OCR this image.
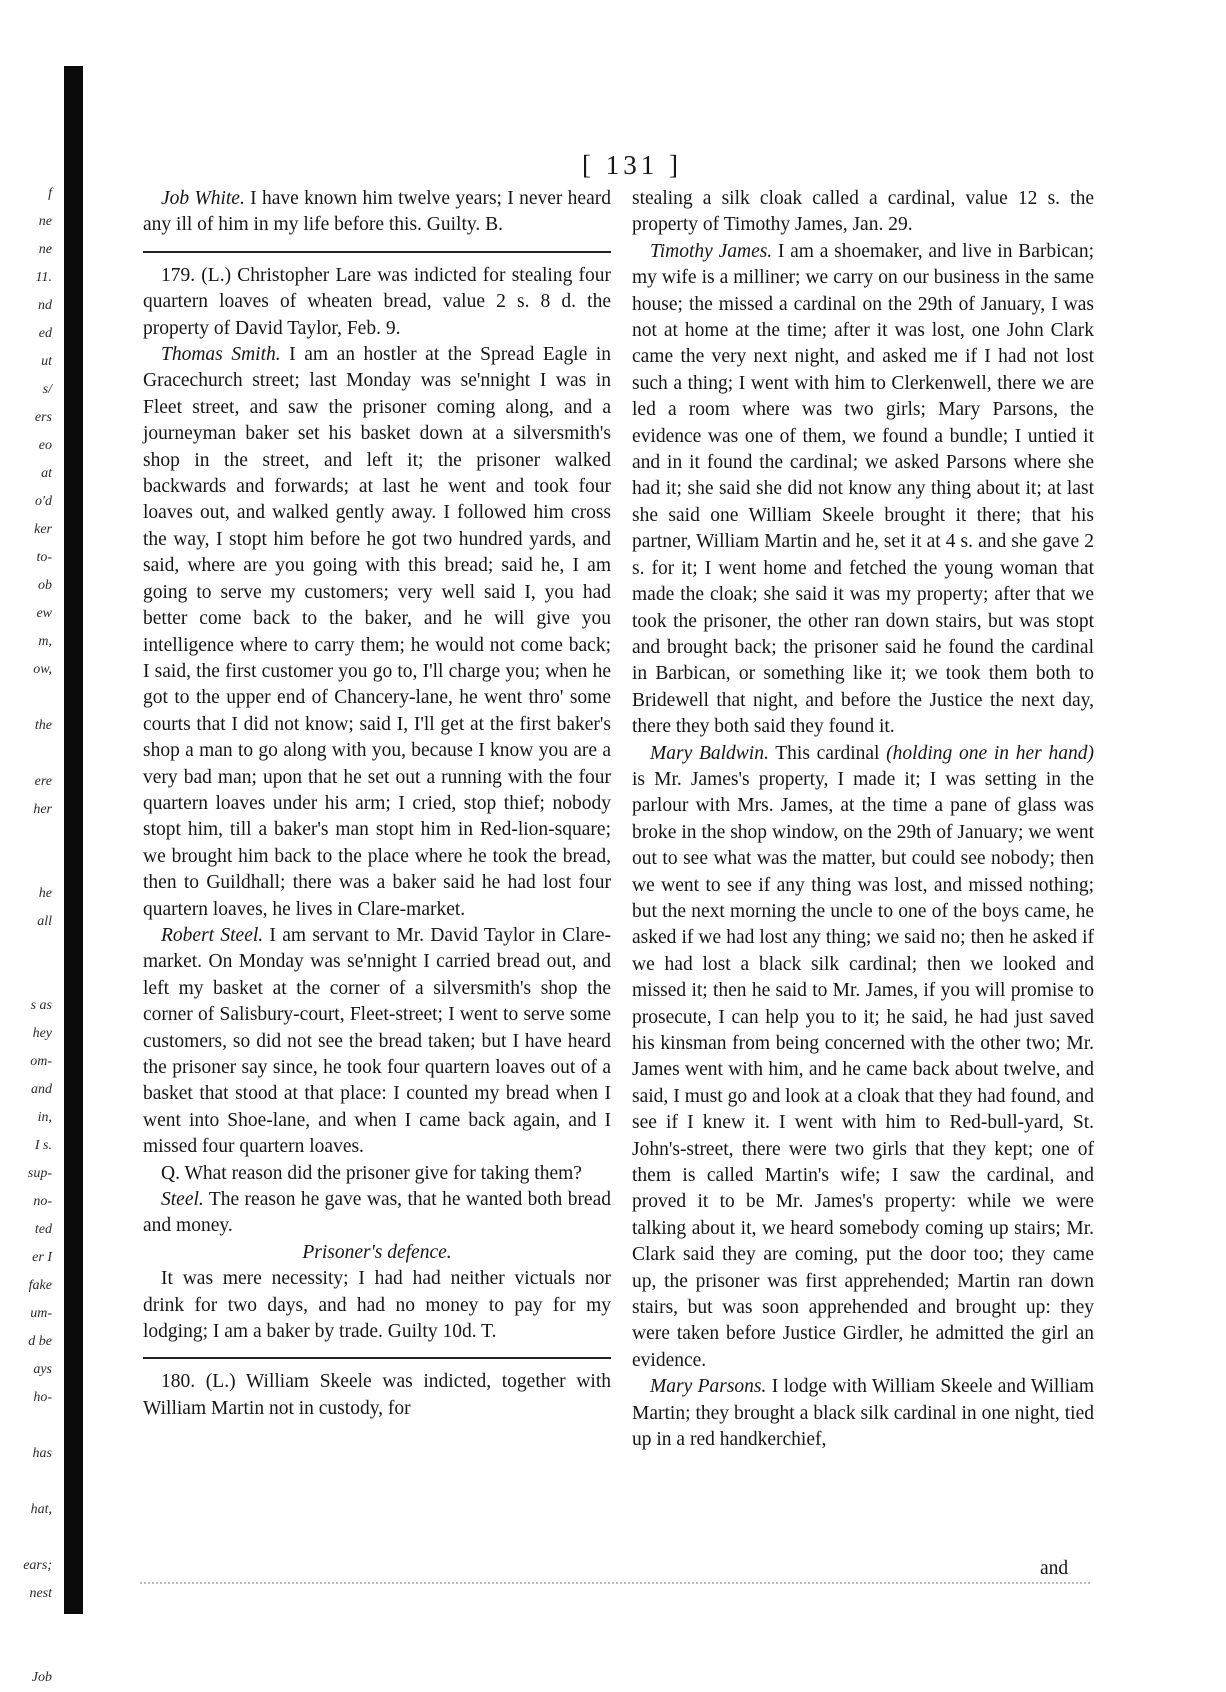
f
ne
ne
11.
nd
ed
ut
s/
ers
eo
at
o'd
ker
to-
ob
ew
m,
ow,
the
ere
her
he
all
s as
hey
om-
and
in,
I s.
sup-
no-
ted
er I
fake
um-
d be
ays
ho-
has
hat,
ears;
nest
Job
[ 131 ]

Job White. I have known him twelve years; I never heard any ill of him in my life before this. Guilty. B.

179. (L.) Christopher Lare was indicted for stealing four quartern loaves of wheaten bread, value 2 s. 8 d. the property of David Taylor, Feb. 9.

Thomas Smith. I am an hostler at the Spread Eagle in Gracechurch street; last Monday was se'nnight I was in Fleet street, and saw the prisoner coming along, and a journeyman baker set his basket down at a silversmith's shop in the street, and left it; the prisoner walked backwards and forwards; at last he went and took four loaves out, and walked gently away. I followed him cross the way, I stopt him before he got two hundred yards, and said, where are you going with this bread; said he, I am going to serve my customers; very well said I, you had better come back to the baker, and he will give you intelligence where to carry them; he would not come back; I said, the first customer you go to, I'll charge you; when he got to the upper end of Chancery-lane, he went thro' some courts that I did not know; said I, I'll get at the first baker's shop a man to go along with you, because I know you are a very bad man; upon that he set out a running with the four quartern loaves under his arm; I cried, stop thief; nobody stopt him, till a baker's man stopt him in Red-lion-square; we brought him back to the place where he took the bread, then to Guildhall; there was a baker said he had lost four quartern loaves, he lives in Clare-market.

Robert Steel. I am servant to Mr. David Taylor in Clare-market. On Monday was se'nnight I carried bread out, and left my basket at the corner of a silversmith's shop the corner of Salisbury-court, Fleet-street; I went to serve some customers, so did not see the bread taken; but I have heard the prisoner say since, he took four quartern loaves out of a basket that stood at that place: I counted my bread when I went into Shoe-lane, and when I came back again, and I missed four quartern loaves.

Q. What reason did the prisoner give for taking them?

Steel. The reason he gave was, that he wanted both bread and money.

Prisoner's defence.

It was mere necessity; I had had neither victuals nor drink for two days, and had no money to pay for my lodging; I am a baker by trade. Guilty 10d. T.

180. (L.) William Skeele was indicted, together with William Martin not in custody, for

stealing a silk cloak called a cardinal, value 12 s. the property of Timothy James, Jan. 29.

Timothy James. I am a shoemaker, and live in Barbican; my wife is a milliner; we carry on our business in the same house; the missed a cardinal on the 29th of January, I was not at home at the time; after it was lost, one John Clark came the very next night, and asked me if I had not lost such a thing; I went with him to Clerkenwell, there we are led a room where was two girls; Mary Parsons, the evidence was one of them, we found a bundle; I untied it and in it found the cardinal; we asked Parsons where she had it; she said she did not know any thing about it; at last she said one William Skeele brought it there; that his partner, William Martin and he, set it at 4 s. and she gave 2 s. for it; I went home and fetched the young woman that made the cloak; she said it was my property; after that we took the prisoner, the other ran down stairs, but was stopt and brought back; the prisoner said he found the cardinal in Barbican, or something like it; we took them both to Bridewell that night, and before the Justice the next day, there they both said they found it.

Mary Baldwin. This cardinal (holding one in her hand) is Mr. James's property, I made it; I was setting in the parlour with Mrs. James, at the time a pane of glass was broke in the shop window, on the 29th of January; we went out to see what was the matter, but could see nobody; then we went to see if any thing was lost, and missed nothing; but the next morning the uncle to one of the boys came, he asked if we had lost any thing; we said no; then he asked if we had lost a black silk cardinal; then we looked and missed it; then he said to Mr. James, if you will promise to prosecute, I can help you to it; he said, he had just saved his kinsman from being concerned with the other two; Mr. James went with him, and he came back about twelve, and said, I must go and look at a cloak that they had found, and see if I knew it. I went with him to Red-bull-yard, St. John's-street, there were two girls that they kept; one of them is called Martin's wife; I saw the cardinal, and proved it to be Mr. James's property: while we were talking about it, we heard somebody coming up stairs; Mr. Clark said they are coming, put the door too; they came up, the prisoner was first apprehended; Martin ran down stairs, but was soon apprehended and brought up: they were taken before Justice Girdler, he admitted the girl an evidence.

Mary Parsons. I lodge with William Skeele and William Martin; they brought a black silk cardinal in one night, tied up in a red handkerchief,

and
